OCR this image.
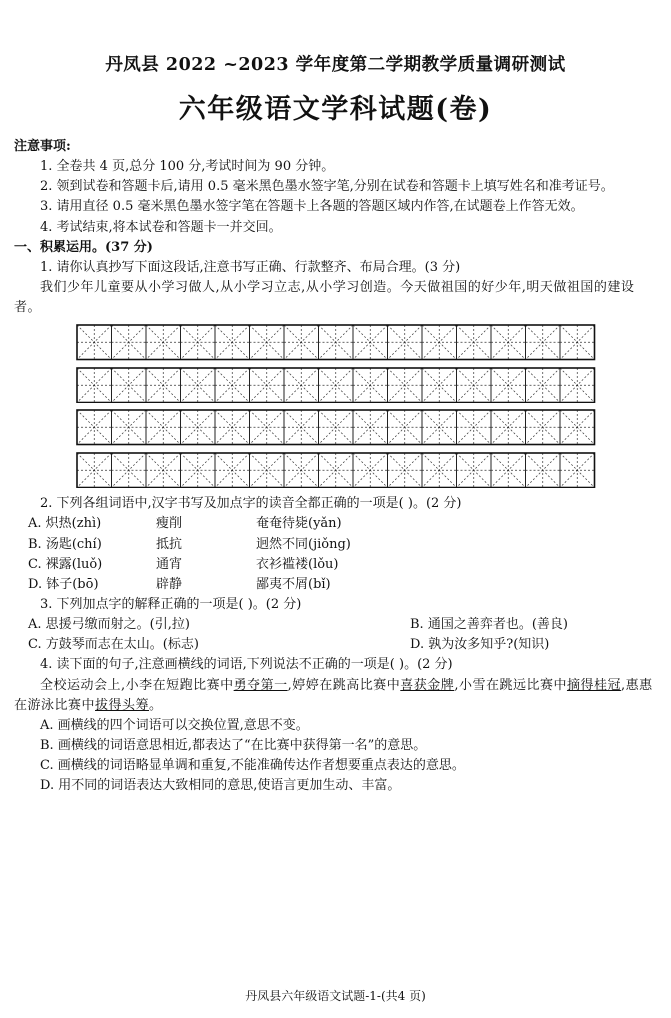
丹凤县 2022 ~2023 学年度第二学期教学质量调研测试
六年级语文学科试题(卷)

注意事项:

1. 全卷共 4 页,总分 100 分,考试时间为 90 分钟。

2. 领到试卷和答题卡后,请用 0.5 毫米黑色墨水签字笔,分别在试卷和答题卡上填写姓名和准考证号。

3. 请用直径 0.5 毫米黑色墨水签字笔在答题卡上各题的答题区域内作答,在试题卷上作答无效。

4. 考试结束,将本试卷和答题卡一并交回。

一、积累运用。(37 分)

1. 请你认真抄写下面这段话,注意书写正确、行款整齐、布局合理。(3 分)

我们少年儿童要从小学习做人,从小学习立志,从小学习创造。今天做祖国的好少年,明天做祖国的建设者。

2. 下列各组词语中,汉字书写及加点字的读音全都正确的一项是( )。(2 分)

A. 炽热(zhì)	瘦削	奄奄待毙(yǎn)
B. 汤匙(chí)	抵抗	迥然不同(jiǒng)
C. 裸露(luǒ)	通宵	衣衫褴褛(lǒu)
D. 钵子(bō)	辟静	鄙夷不屑(bǐ)

3. 下列加点字的解释正确的一项是( )。(2 分)

A. 思援弓缴而射之。(引,拉)	B. 通国之善弈者也。(善良)
C. 方鼓琴而志在太山。(标志)	D. 孰为汝多知乎?(知识)

4. 读下面的句子,注意画横线的词语,下列说法不正确的一项是( )。(2 分)

全校运动会上,小李在短跑比赛中勇夺第一,婷婷在跳高比赛中喜获金牌,小雪在跳远比赛中摘得桂冠,惠惠在游泳比赛中拔得头筹。

A. 画横线的四个词语可以交换位置,意思不变。

B. 画横线的词语意思相近,都表达了“在比赛中获得第一名”的意思。

C. 画横线的词语略显单调和重复,不能准确传达作者想要重点表达的意思。

D. 用不同的词语表达大致相同的意思,使语言更加生动、丰富。

丹凤县六年级语文试题-1-(共4 页)
